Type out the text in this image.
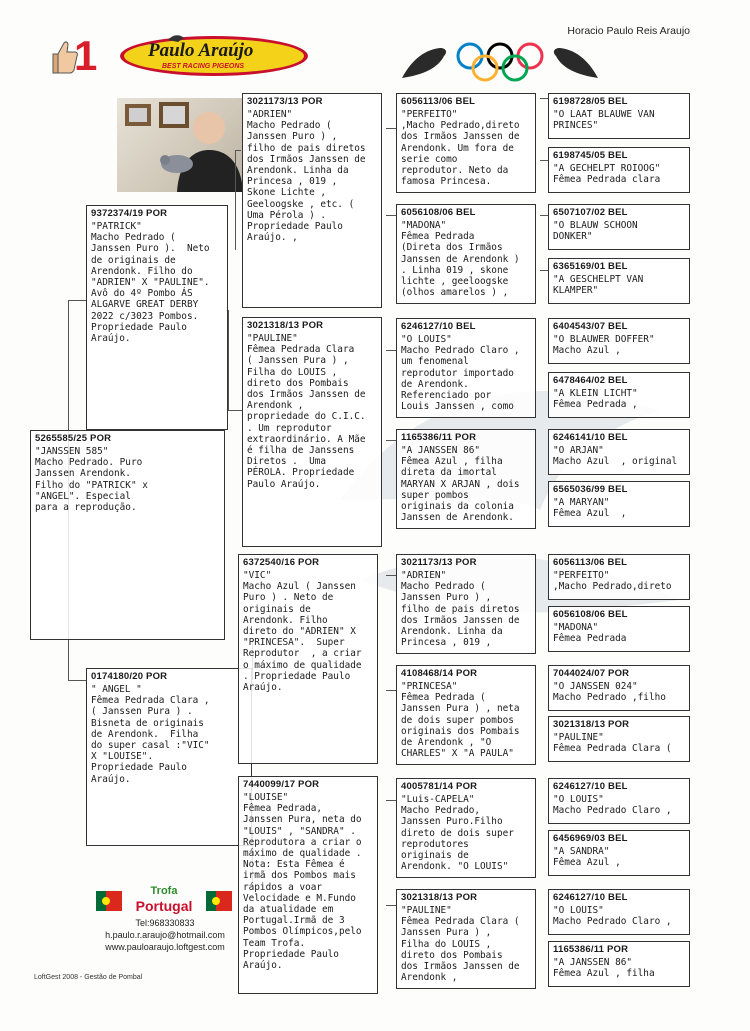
Horacio Paulo Reis Araujo
1	Paulo Araújo
BEST RACING PIGEONS
5265585/25 POR
"JANSSEN 585"
Macho Pedrado. Puro
Janssen Arendonk.
Filho do "PATRICK" x
"ANGEL". Especial
para a reprodução.
9372374/19 POR
"PATRICK"
Macho Pedrado (
Janssen Puro ).  Neto
de originais de
Arendonk. Filho do
"ADRIEN" X "PAULINE".
Avô do 4º Pombo ÁS
ALGARVE GREAT DERBY
2022 c/3023 Pombos.
Propriedade Paulo
Araújo.
0174180/20 POR
" ANGEL "
Fêmea Pedrada Clara ,
( Janssen Pura ) .
Bisneta de originais
de Arendonk.  Filha
do super casal :"VIC"
X "LOUISE".
Propriedade Paulo
Araújo.
3021173/13 POR
"ADRIEN"
Macho Pedrado (
Janssen Puro ) ,
filho de pais diretos
dos Irmãos Janssen de
Arendonk. Linha da
Princesa , 019 ,
Skone Lichte ,
Geeloogske , etc. (
Uma Pérola ) .
Propriedade Paulo
Araújo. ,
3021318/13 POR
"PAULINE"
Fêmea Pedrada Clara
( Janssen Pura ) ,
Filha do LOUIS ,
direto dos Pombais
dos Irmãos Janssen de
Arendonk ,
propriedade do C.I.C.
. Um reprodutor
extraordinário. A Mãe
é filha de Janssens
Diretos .  Uma
PÉROLA. Propriedade
Paulo Araújo.
6372540/16 POR
"VIC"
Macho Azul ( Janssen
Puro ) . Neto de
originais de
Arendonk. Filho
direto do "ADRIEN" X
"PRINCESA".  Super
Reprodutor  , a criar
o máximo de qualidade
. Propriedade Paulo
Araújo.
7440099/17 POR
"LOUISE"
Fêmea Pedrada,
Janssen Pura, neta do
"LOUIS" , "SANDRA" .
Reprodutora a criar o
máximo de qualidade .
Nota: Esta Fêmea é
irmã dos Pombos mais
rápidos a voar
Velocidade e M.Fundo
da atualidade em
Portugal.Irmã de 3
Pombos Olímpicos,pelo
Team Trofa.
Propriedade Paulo
Araújo.
6056113/06 BEL
"PERFEITO"
,Macho Pedrado,direto
dos Irmãos Janssen de
Arendonk. Um fora de
serie como
reprodutor. Neto da
famosa Princesa.
6056108/06 BEL
"MADONA"
Fêmea Pedrada
(Direta dos Irmãos
Janssen de Arendonk )
. Linha 019 , skone
lichte , geeloogske
(olhos amarelos ) ,
6246127/10 BEL
"O LOUIS"
Macho Pedrado Claro ,
um fenomenal
reprodutor importado
de Arendonk.
Referenciado por
Louis Janssen , como
1165386/11 POR
"A JANSSEN 86"
Fêmea Azul , filha
direta da imortal
MARYAN X ARJAN , dois
super pombos
originais da colonia
Janssen de Arendonk.
3021173/13 POR
"ADRIEN"
Macho Pedrado (
Janssen Puro ) ,
filho de pais diretos
dos Irmãos Janssen de
Arendonk. Linha da
Princesa , 019 ,
4108468/14 POR
"PRINCESA"
Fêmea Pedrada (
Janssen Pura ) , neta
de dois super pombos
originais dos Pombais
de Arendonk , "O
CHARLES" X "A PAULA"
4005781/14 POR
"Luis-CAPELA"
Macho Pedrado,
Janssen Puro.Filho
direto de dois super
reprodutores
originais de
Arendonk. "O LOUIS"
3021318/13 POR
"PAULINE"
Fêmea Pedrada Clara (
Janssen Pura ) ,
Filha do LOUIS ,
direto dos Pombais
dos Irmãos Janssen de
Arendonk ,
6198728/05 BEL
"O LAAT BLAUWE VAN
PRINCES"
6198745/05 BEL
"A GECHELPT ROIOOG"
Fêmea Pedrada clara
6507107/02 BEL
"O BLAUW SCHOON
DONKER"
6365169/01 BEL
"A GESCHELPT VAN
KLAMPER"
6404543/07 BEL
"O BLAUWER DOFFER"
Macho Azul ,
6478464/02 BEL
"A KLEIN LICHT"
Fêmea Pedrada ,
6246141/10 BEL
"O ARJAN"
Macho Azul  , original
6565036/99 BEL
"A MARYAN"
Fêmea Azul  ,
6056113/06 BEL
"PERFEITO"
,Macho Pedrado,direto
6056108/06 BEL
"MADONA"
Fêmea Pedrada
7044024/07 POR
"O JANSSEN 024"
Macho Pedrado ,filho
3021318/13 POR
"PAULINE"
Fêmea Pedrada Clara (
6246127/10 BEL
"O LOUIS"
Macho Pedrado Claro ,
6456969/03 BEL
"A SANDRA"
Fêmea Azul ,
6246127/10 BEL
"O LOUIS"
Macho Pedrado Claro ,
1165386/11 POR
"A JANSSEN 86"
Fêmea Azul , filha
Trofa
Portugal
Tel:968330833
h.paulo.r.araujo@hotmail.com
www.pauloaraujo.loftgest.com
LoftGest 2008 - Gestão de Pombal
